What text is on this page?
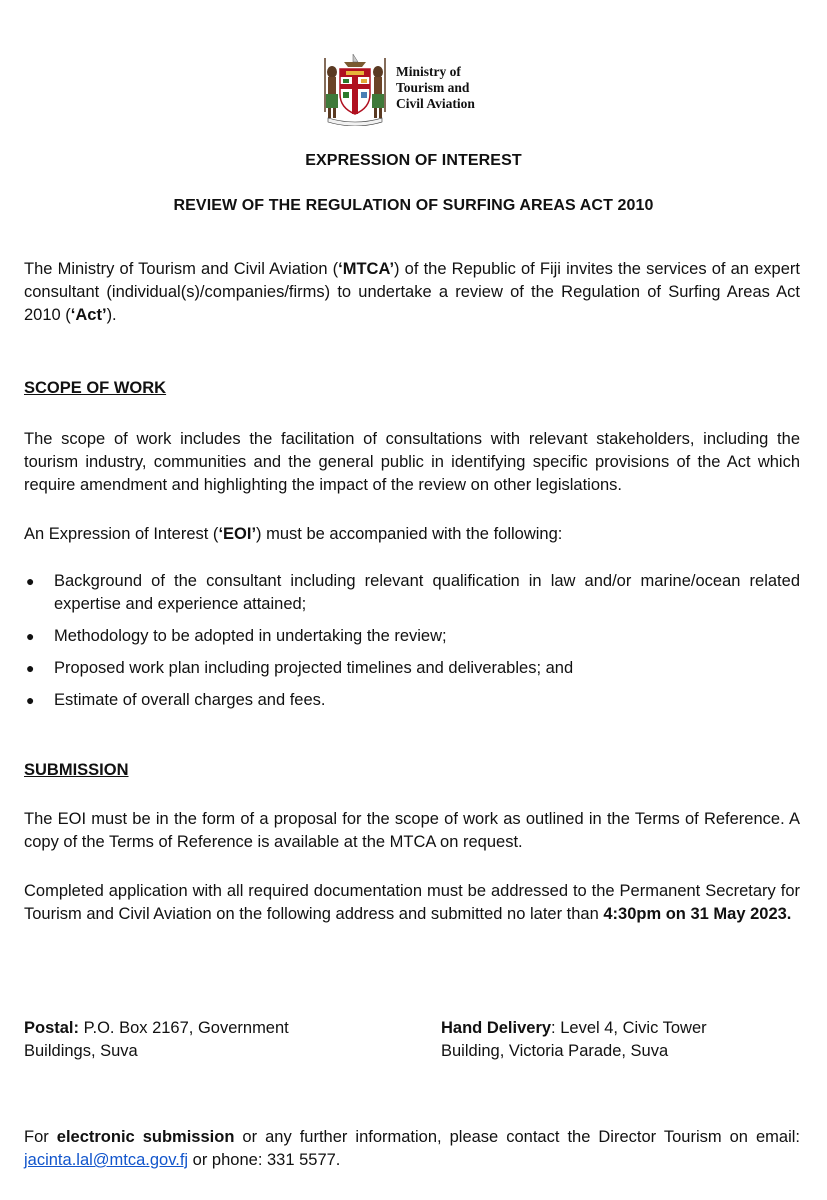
Ministry of
Tourism and
Civil Aviation
EXPRESSION OF INTEREST
REVIEW OF THE REGULATION OF SURFING AREAS ACT 2010

The Ministry of Tourism and Civil Aviation (‘MTCA’) of the Republic of Fiji invites the services of an expert consultant (individual(s)/companies/firms) to undertake a review of the Regulation of Surfing Areas Act 2010 (‘Act’).

SCOPE OF WORK

The scope of work includes the facilitation of consultations with relevant stakeholders, including the tourism industry, communities and the general public in identifying specific provisions of the Act which require amendment and highlighting the impact of the review on other legislations.

An Expression of Interest (‘EOI’) must be accompanied with the following:

● Background of the consultant including relevant qualification in law and/or marine/ocean related expertise and experience attained;
● Methodology to be adopted in undertaking the review;
● Proposed work plan including projected timelines and deliverables; and
● Estimate of overall charges and fees.

SUBMISSION

The EOI must be in the form of a proposal for the scope of work as outlined in the Terms of Reference. A copy of the Terms of Reference is available at the MTCA on request.

Completed application with all required documentation must be addressed to the Permanent Secretary for Tourism and Civil Aviation on the following address and submitted no later than 4:30pm on 31 May 2023.

Postal: P.O. Box 2167, Government Buildings, Suva

Hand Delivery: Level 4, Civic Tower Building, Victoria Parade, Suva

For electronic submission or any further information, please contact the Director Tourism on email: jacinta.lal@mtca.gov.fj or phone: 331 5577.
